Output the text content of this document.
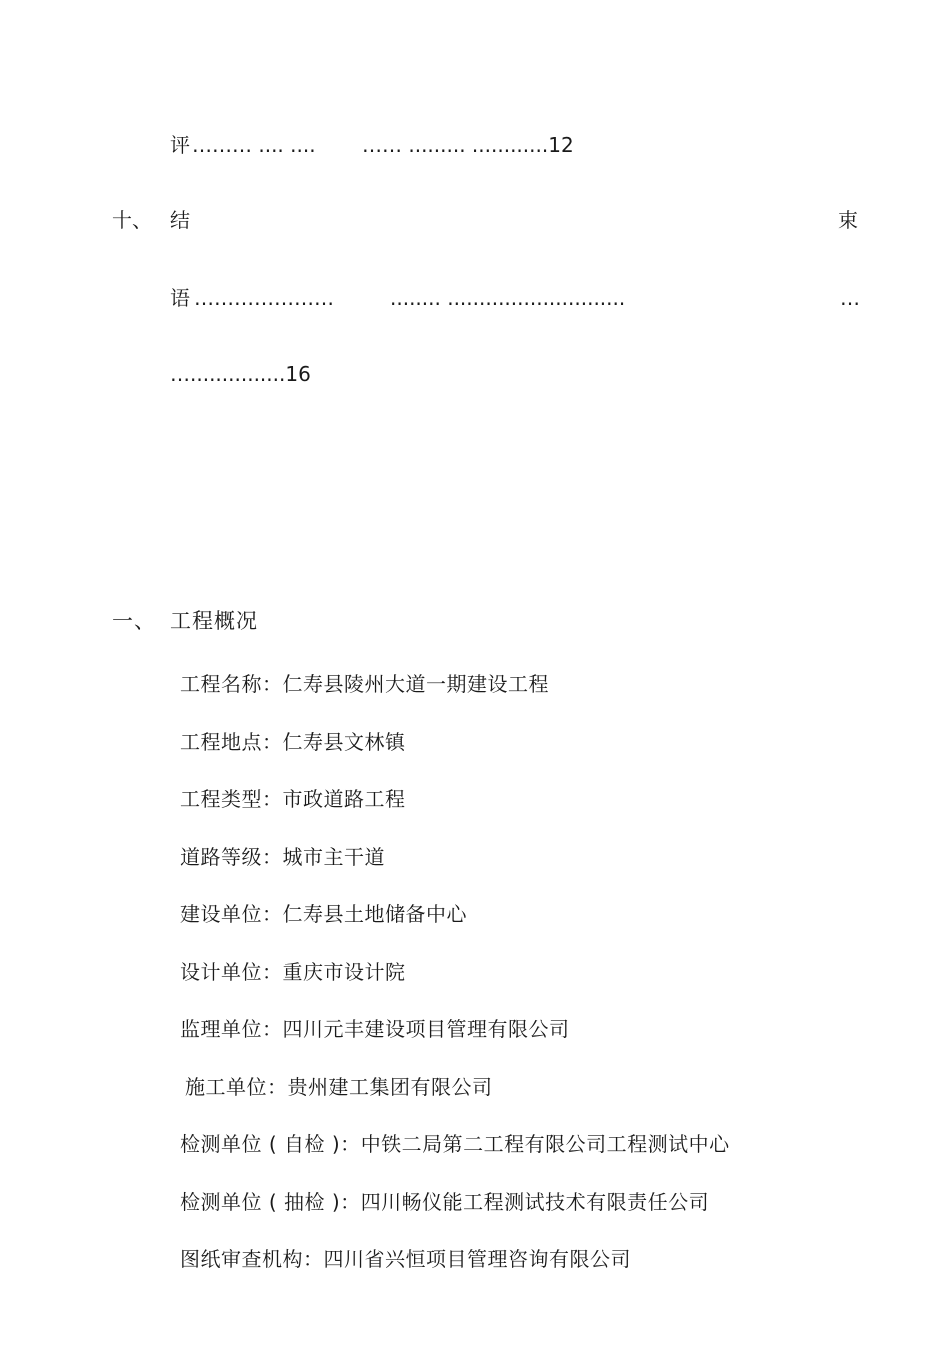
评 ……… .... .... …… ......... ............12
十、 结	束
语 …………………	........ ............................	…
…...............16
一、 工程概况
工程名称：仁寿县陵州大道一期建设工程
工程地点：仁寿县文林镇
工程类型：市政道路工程
道路等级：城市主干道
建设单位：仁寿县土地储备中心
设计单位：重庆市设计院
监理单位：四川元丰建设项目管理有限公司
施工单位：贵州建工集团有限公司
检测单位 ( 自检 )：中铁二局第二工程有限公司工程测试中心
检测单位 ( 抽检 )：四川畅仪能工程测试技术有限责任公司
图纸审查机构：四川省兴恒项目管理咨询有限公司
